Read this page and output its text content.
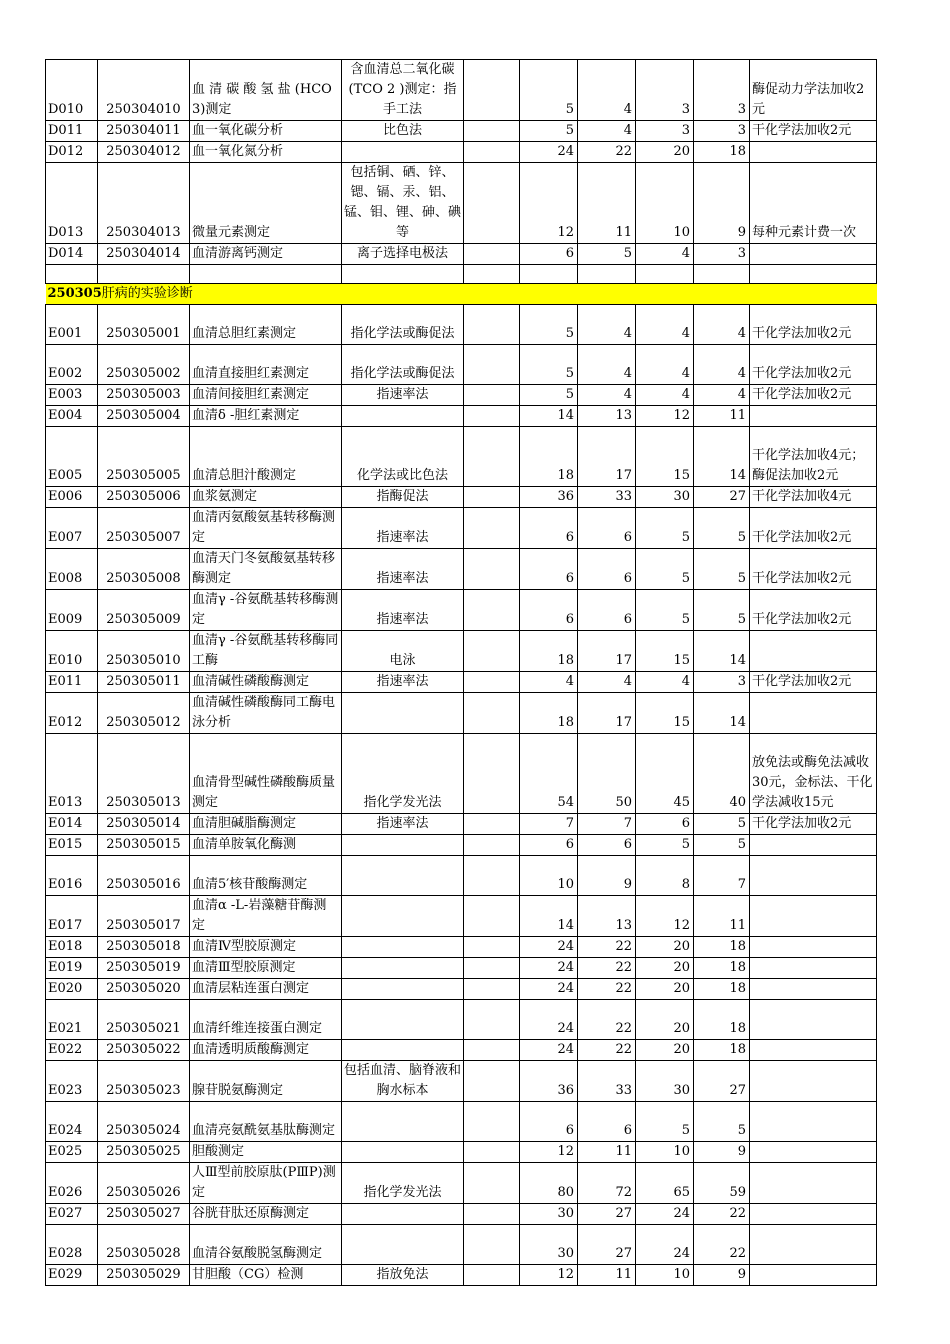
D010	250304010	血 清 碳 酸 氢 盐 (HCO3)测定	含血清总二氧化碳(TCO 2 )测定：指手工法		5	4	3	3	酶促动力学法加收2元
D011	250304011	血一氧化碳分析	比色法		5	4	3	3	干化学法加收2元
D012	250304012	血一氧化氮分析			24	22	20	18	
D013	250304013	微量元素测定	包括铜、硒、锌、锶、镉、汞、铝、锰、钼、锂、砷、碘等		12	11	10	9	每种元素计费一次
D014	250304014	血清游离钙测定	离子选择电极法		6	5	4	3	

250305肝病的实验诊断									
E001	250305001	血清总胆红素测定	指化学法或酶促法		5	4	4	4	干化学法加收2元
E002	250305002	血清直接胆红素测定	指化学法或酶促法		5	4	4	4	干化学法加收2元
E003	250305003	血清间接胆红素测定	指速率法		5	4	4	4	干化学法加收2元
E004	250305004	血清δ -胆红素测定			14	13	12	11	
E005	250305005	血清总胆汁酸测定	化学法或比色法		18	17	15	14	干化学法加收4元；酶促法加收2元
E006	250305006	血浆氨测定	指酶促法		36	33	30	27	干化学法加收4元
E007	250305007	血清丙氨酸氨基转移酶测定	指速率法		6	6	5	5	干化学法加收2元
E008	250305008	血清天门冬氨酸氨基转移酶测定	指速率法		6	6	5	5	干化学法加收2元
E009	250305009	血清γ -谷氨酰基转移酶测定	指速率法		6	6	5	5	干化学法加收2元
E010	250305010	血清γ -谷氨酰基转移酶同工酶	电泳		18	17	15	14	
E011	250305011	血清碱性磷酸酶测定	指速率法		4	4	4	3	干化学法加收2元
E012	250305012	血清碱性磷酸酶同工酶电泳分析			18	17	15	14	
E013	250305013	血清骨型碱性磷酸酶质量测定	指化学发光法		54	50	45	40	放免法或酶免法减收30元，金标法、干化学法减收15元
E014	250305014	血清胆碱脂酶测定	指速率法		7	7	6	5	干化学法加收2元
E015	250305015	血清单胺氧化酶测			6	6	5	5	
E016	250305016	血清5′核苷酸酶测定			10	9	8	7	
E017	250305017	血清α -L-岩藻糖苷酶测定			14	13	12	11	
E018	250305018	血清Ⅳ型胶原测定			24	22	20	18	
E019	250305019	血清Ⅲ型胶原测定			24	22	20	18	
E020	250305020	血清层粘连蛋白测定			24	22	20	18	
E021	250305021	血清纤维连接蛋白测定			24	22	20	18	
E022	250305022	血清透明质酸酶测定			24	22	20	18	
E023	250305023	腺苷脱氨酶测定	包括血清、脑脊液和胸水标本		36	33	30	27	
E024	250305024	血清亮氨酰氨基肽酶测定			6	6	5	5	
E025	250305025	胆酸测定			12	11	10	9	
E026	250305026	人Ⅲ型前胶原肽(PⅢP)测定	指化学发光法		80	72	65	59	
E027	250305027	谷胱苷肽还原酶测定			30	27	24	22	
E028	250305028	血清谷氨酸脱氢酶测定			30	27	24	22	
E029	250305029	甘胆酸（CG）检测	指放免法		12	11	10	9	
